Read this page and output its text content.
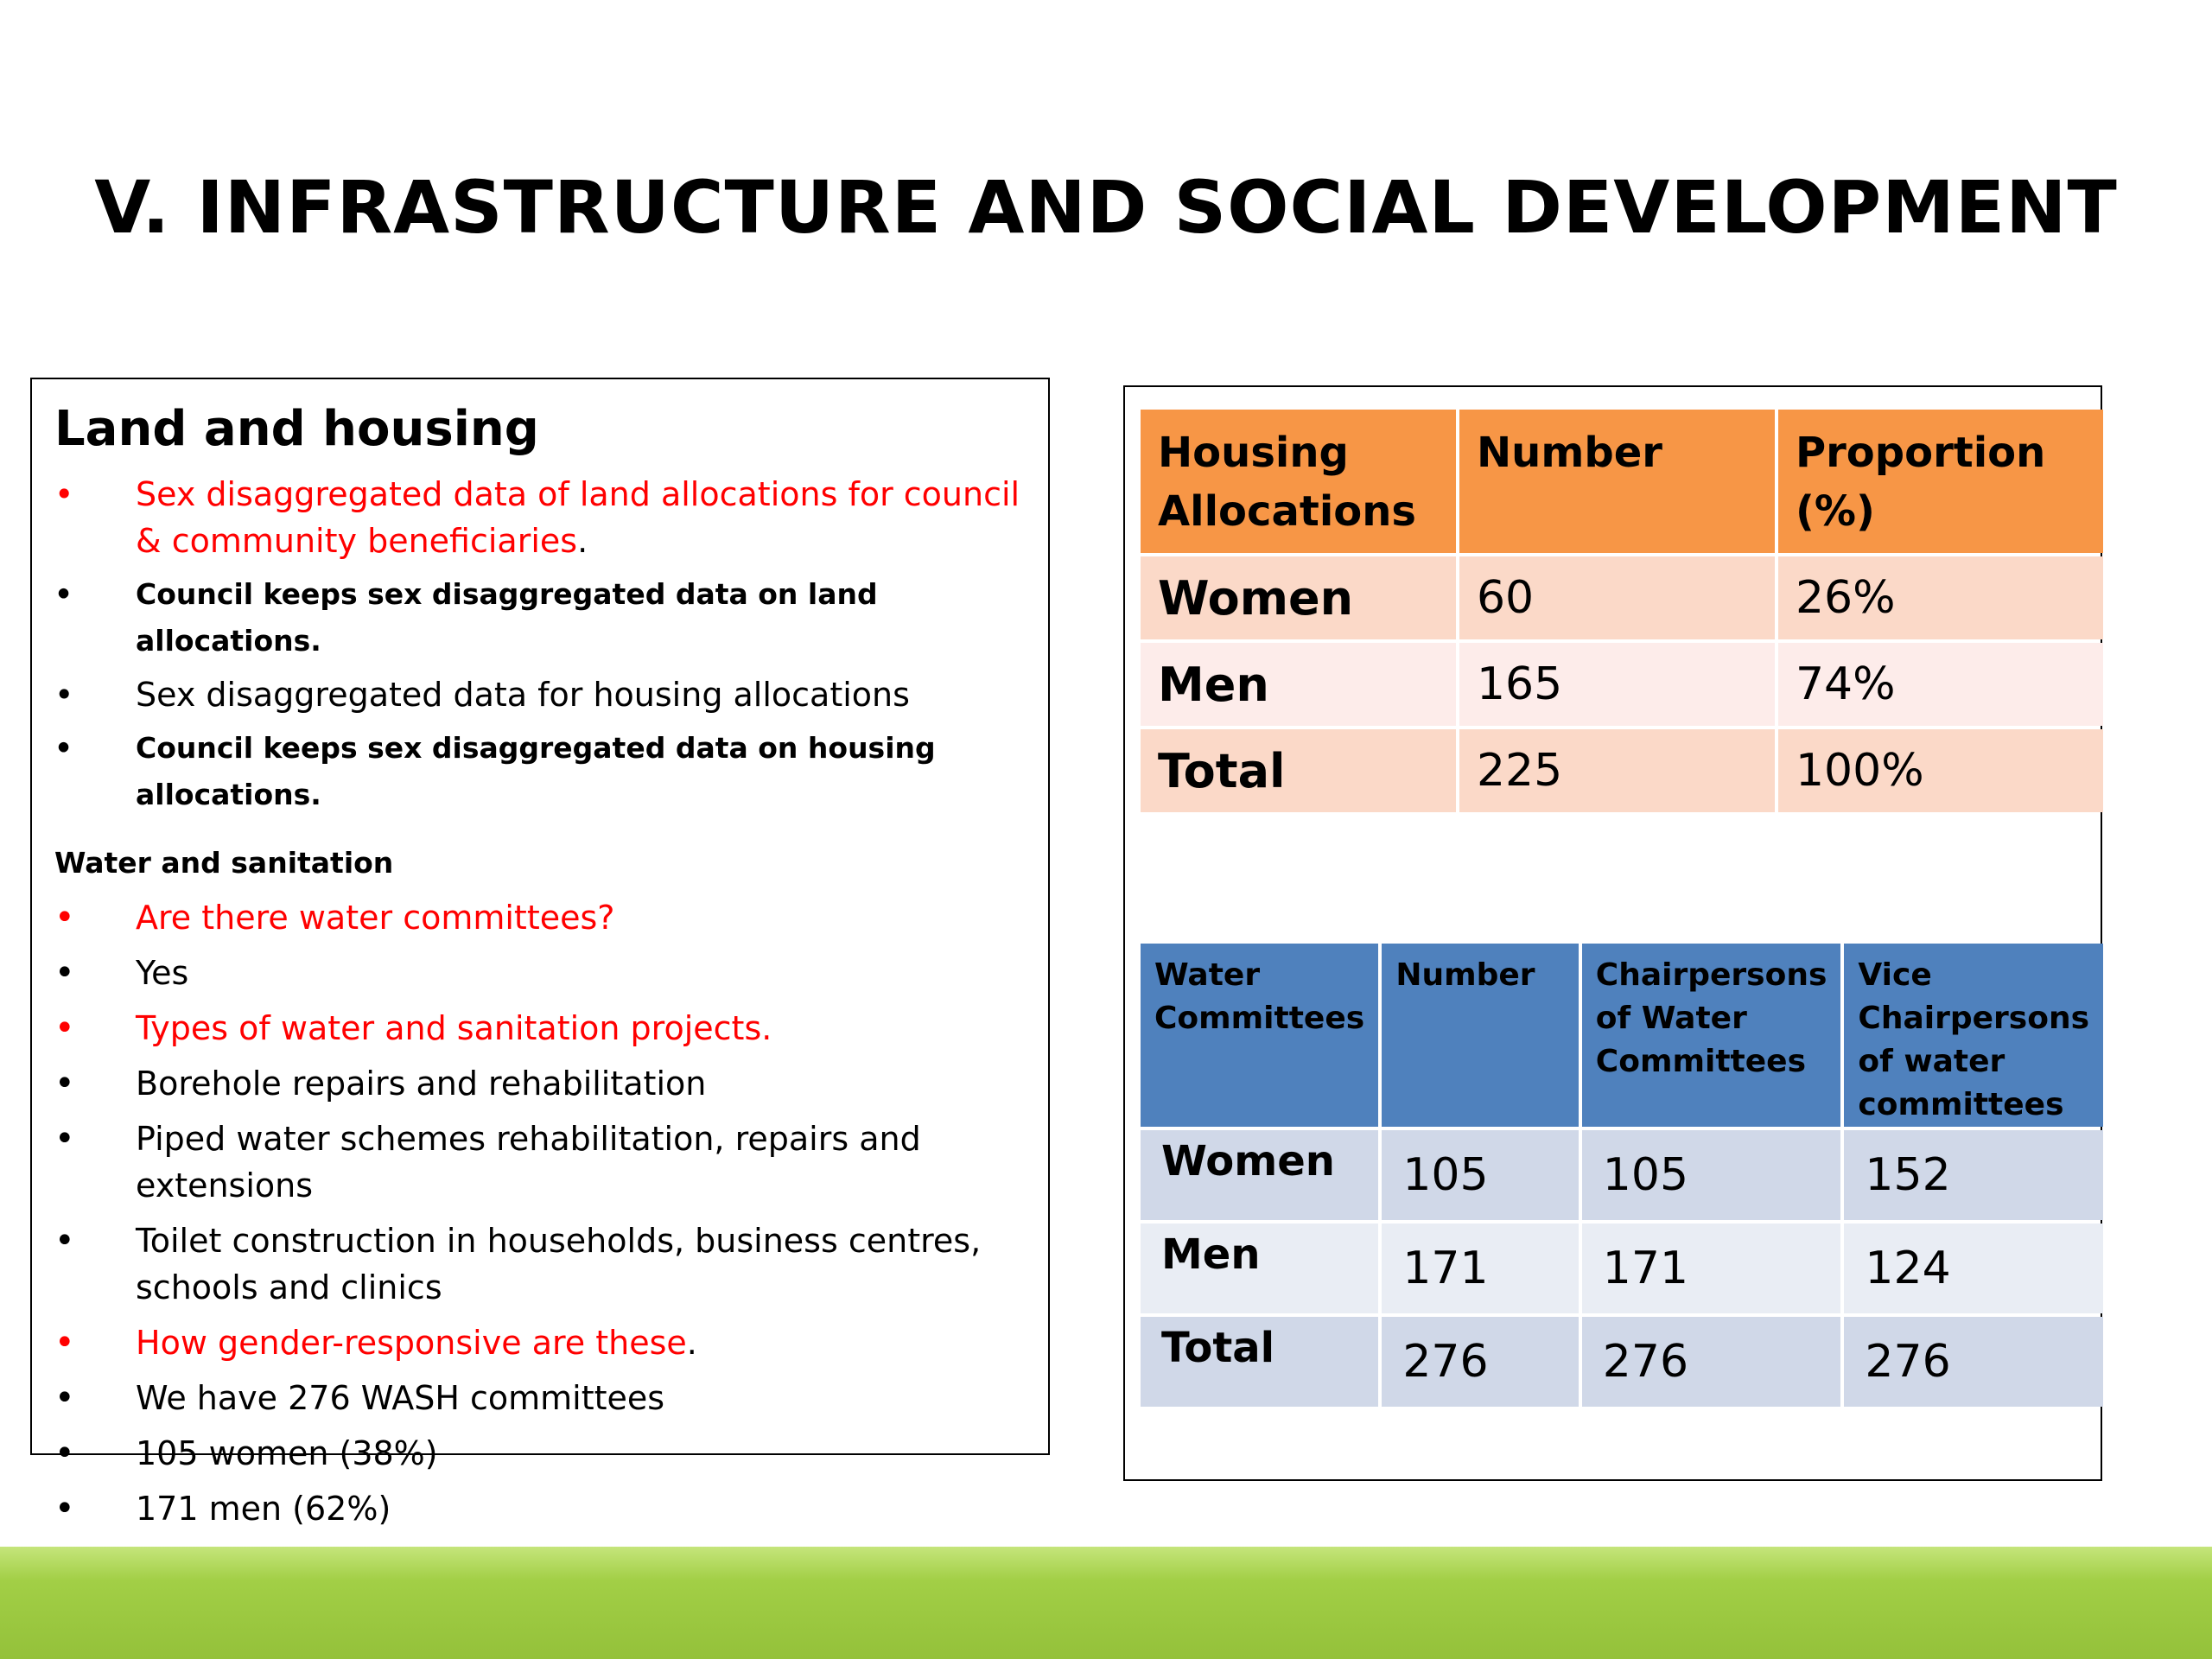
V. INFRASTRUCTURE AND SOCIAL DEVELOPMENT
Land and housing
• Sex disaggregated data of land allocations for council & community beneficiaries.
• Council keeps sex disaggregated data on land allocations.
• Sex disaggregated data for housing allocations
• Council keeps sex disaggregated data on housing allocations.
Water and sanitation
• Are there water committees?
• Yes
• Types of water and sanitation projects.
• Borehole repairs and rehabilitation
• Piped water schemes rehabilitation, repairs and extensions
• Toilet construction in households, business centres, schools and clinics
• How gender-responsive are these.
• We have 276 WASH committees
• 105 women (38%)
• 171 men (62%)
Housing Allocations	Number	Proportion (%)
Women	60	26%
Men	165	74%
Total	225	100%
Water Committees	Number	Chairpersons of Water Committees	Vice Chairpersons of water committees
Women	105	105	152
Men	171	171	124
Total	276	276	276
